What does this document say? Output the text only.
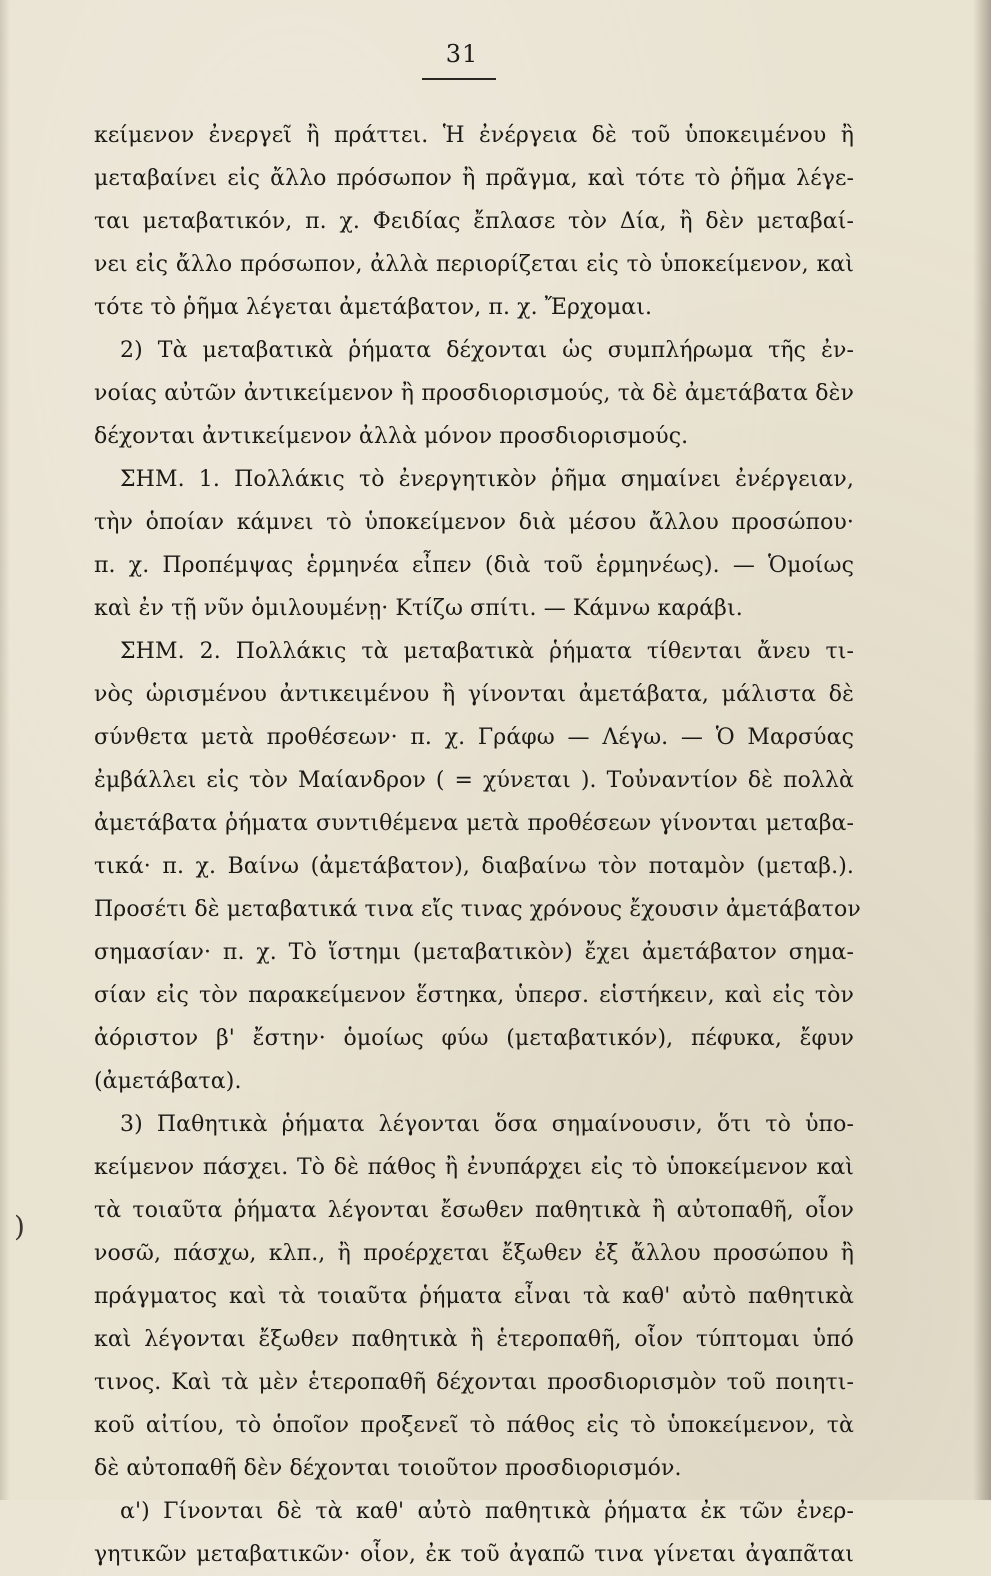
31
)
κείμενον ἐνεργεῖ ἢ πράττει. Ἡ ἐνέργεια δὲ τοῦ ὑποκειμένου ἢ
μεταβαίνει εἰς ἄλλο πρόσωπον ἢ πρᾶγμα, καὶ τότε τὸ ῥῆμα λέγε-
ται μεταβατικόν, π. χ. Φειδίας ἔπλασε τὸν Δία, ἢ δὲν μεταβαί-
νει εἰς ἄλλο πρόσωπον, ἀλλὰ περιορίζεται εἰς τὸ ὑποκείμενον, καὶ
τότε τὸ ῥῆμα λέγεται ἀμετάβατον, π. χ. Ἔρχομαι.
2) Τὰ μεταβατικὰ ῥήματα δέχονται ὡς συμπλήρωμα τῆς ἐν-
νοίας αὐτῶν ἀντικείμενον ἢ προσδιορισμούς, τὰ δὲ ἀμετάβατα δὲν
δέχονται ἀντικείμενον ἀλλὰ μόνον προσδιορισμούς.
ΣΗΜ. 1. Πολλάκις τὸ ἐνεργητικὸν ῥῆμα σημαίνει ἐνέργειαν,
τὴν ὁποίαν κάμνει τὸ ὑποκείμενον διὰ μέσου ἄλλου προσώπου·
π. χ. Προπέμψας ἑρμηνέα εἶπεν (διὰ τοῦ ἑρμηνέως). — Ὁμοίως
καὶ ἐν τῇ νῦν ὁμιλουμένῃ· Κτίζω σπίτι. — Κάμνω καράβι.
ΣΗΜ. 2. Πολλάκις τὰ μεταβατικὰ ῥήματα τίθενται ἄνευ τι-
νὸς ὡρισμένου ἀντικειμένου ἢ γίνονται ἀμετάβατα, μάλιστα δὲ
σύνθετα μετὰ προθέσεων· π. χ. Γράφω — Λέγω. — Ὁ Μαρσύας
ἐμβάλλει εἰς τὸν Μαίανδρον ( = χύνεται ). Τοὐναντίον δὲ πολλὰ
ἀμετάβατα ῥήματα συντιθέμενα μετὰ προθέσεων γίνονται μεταβα-
τικά· π. χ. Βαίνω (ἀμετάβατον), διαβαίνω τὸν ποταμὸν (μεταβ.).
Προσέτι δὲ μεταβατικά τινα εἴς τινας χρόνους ἔχουσιν ἀμετάβατον
σημασίαν· π. χ. Τὸ ἵστημι (μεταβατικὸν) ἔχει ἀμετάβατον σημα-
σίαν εἰς τὸν παρακείμενον ἕστηκα, ὑπερσ. εἱστήκειν, καὶ εἰς τὸν
ἀόριστον β' ἔστην· ὁμοίως φύω (μεταβατικόν), πέφυκα, ἔφυν
(ἀμετάβατα).
3) Παθητικὰ ῥήματα λέγονται ὅσα σημαίνουσιν, ὅτι τὸ ὑπο-
κείμενον πάσχει. Τὸ δὲ πάθος ἢ ἐνυπάρχει εἰς τὸ ὑποκείμενον καὶ
τὰ τοιαῦτα ῥήματα λέγονται ἔσωθεν παθητικὰ ἢ αὐτοπαθῆ, οἷον
νοσῶ, πάσχω, κλπ., ἢ προέρχεται ἔξωθεν ἐξ ἄλλου προσώπου ἢ
πράγματος καὶ τὰ τοιαῦτα ῥήματα εἶναι τὰ καθ' αὐτὸ παθητικὰ
καὶ λέγονται ἔξωθεν παθητικὰ ἢ ἑτεροπαθῆ, οἷον τύπτομαι ὑπό
τινος. Καὶ τὰ μὲν ἑτεροπαθῆ δέχονται προσδιορισμὸν τοῦ ποιητι-
κοῦ αἰτίου, τὸ ὁποῖον προξενεῖ τὸ πάθος εἰς τὸ ὑποκείμενον, τὰ
δὲ αὐτοπαθῆ δὲν δέχονται τοιοῦτον προσδιορισμόν.
α') Γίνονται δὲ τὰ καθ' αὐτὸ παθητικὰ ῥήματα ἐκ τῶν ἐνερ-
γητικῶν μεταβατικῶν· οἷον, ἐκ τοῦ ἀγαπῶ τινα γίνεται ἀγαπᾶται
